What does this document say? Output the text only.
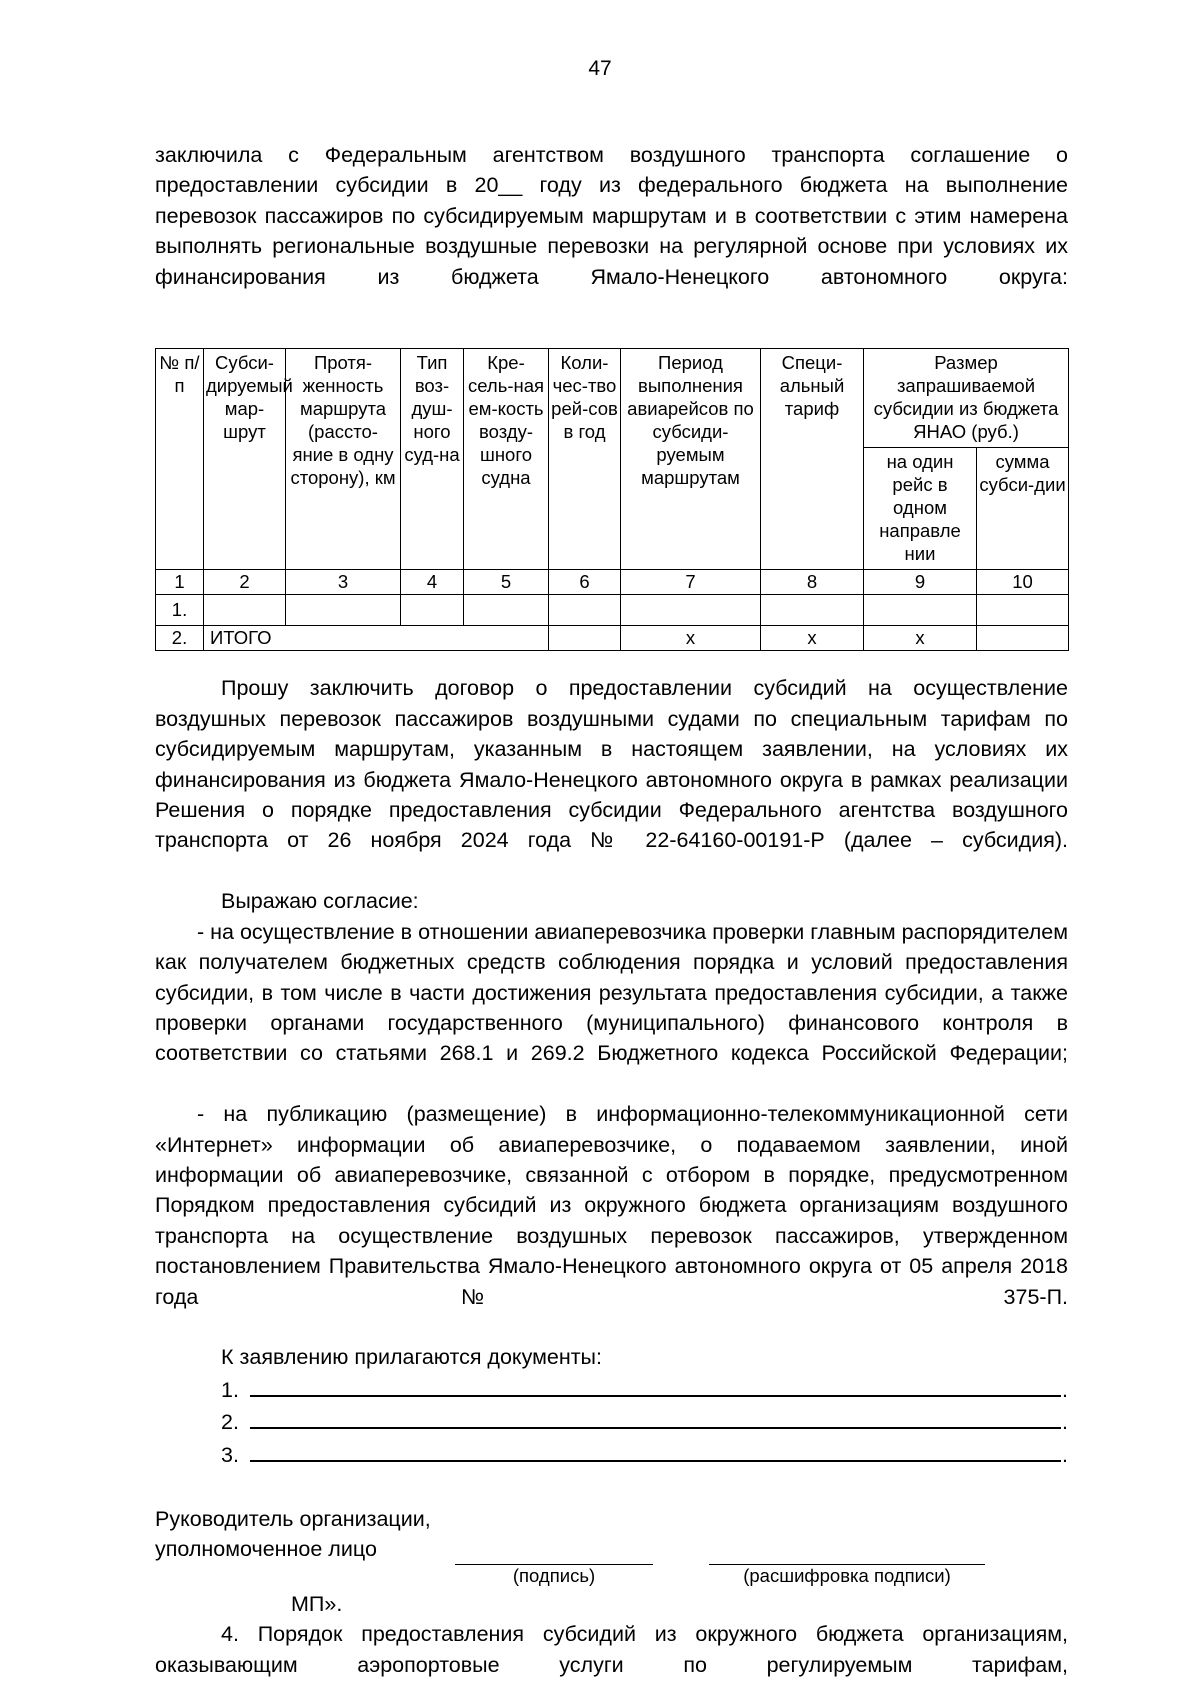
47

заключила с Федеральным агентством воздушного транспорта соглашение о предоставлении субсидии в 20__ году из федерального бюджета на выполнение перевозок пассажиров по субсидируемым маршрутам и в соответствии с этим намерена выполнять региональные воздушные перевозки на регулярной основе при условиях их финансирования из бюджета Ямало-Ненецкого автономного округа:

№ п/п	Субси-дируемый мар-шрут	Протя-женность маршрута (рассто-яние в одну сторону), км	Тип воз-душ-ного суд-на	Кре-сель-ная ем-кость возду-шного судна	Коли-чес-тво рей-сов в год	Период выполнения авиарейсов по субсиди-руемым маршрутам	Специ-альный тариф	Размер запрашиваемой субсидии из бюджета ЯНАО (руб.)	
								на один рейс в одном направле нии	сумма субси-дии
1	2	3	4	5	6	7	8	9	10
1.									
2.	ИТОГО					x	x	x	

Прошу заключить договор о предоставлении субсидий на осуществление воздушных перевозок пассажиров воздушными судами по специальным тарифам по субсидируемым маршрутам, указанным в настоящем заявлении, на условиях их финансирования из бюджета Ямало-Ненецкого автономного округа в рамках реализации Решения о порядке предоставления субсидии Федерального агентства воздушного транспорта от 26 ноября 2024 года № 22-64160-00191-Р (далее – субсидия).

Выражаю согласие:

- на осуществление в отношении авиаперевозчика проверки главным распорядителем как получателем бюджетных средств соблюдения порядка и условий предоставления субсидии, в том числе в части достижения результата предоставления субсидии, а также проверки органами государственного (муниципального) финансового контроля в соответствии со статьями 268.1 и 269.2 Бюджетного кодекса Российской Федерации;

- на публикацию (размещение) в информационно-телекоммуникационной сети «Интернет» информации об авиаперевозчике, о подаваемом заявлении, иной информации об авиаперевозчике, связанной с отбором в порядке, предусмотренном Порядком предоставления субсидий из окружного бюджета организациям воздушного транспорта на осуществление воздушных перевозок пассажиров, утвержденном постановлением Правительства Ямало-Ненецкого автономного округа от 05 апреля 2018 года № 375-П.

К заявлению прилагаются документы:

1.	.
2.	.
3.	.
Руководитель организации,
уполномоченное лицо
(подпись)	(расшифровка подписи)
МП».

4. Порядок предоставления субсидий из окружного бюджета организациям, оказывающим аэропортовые услуги по регулируемым тарифам,
